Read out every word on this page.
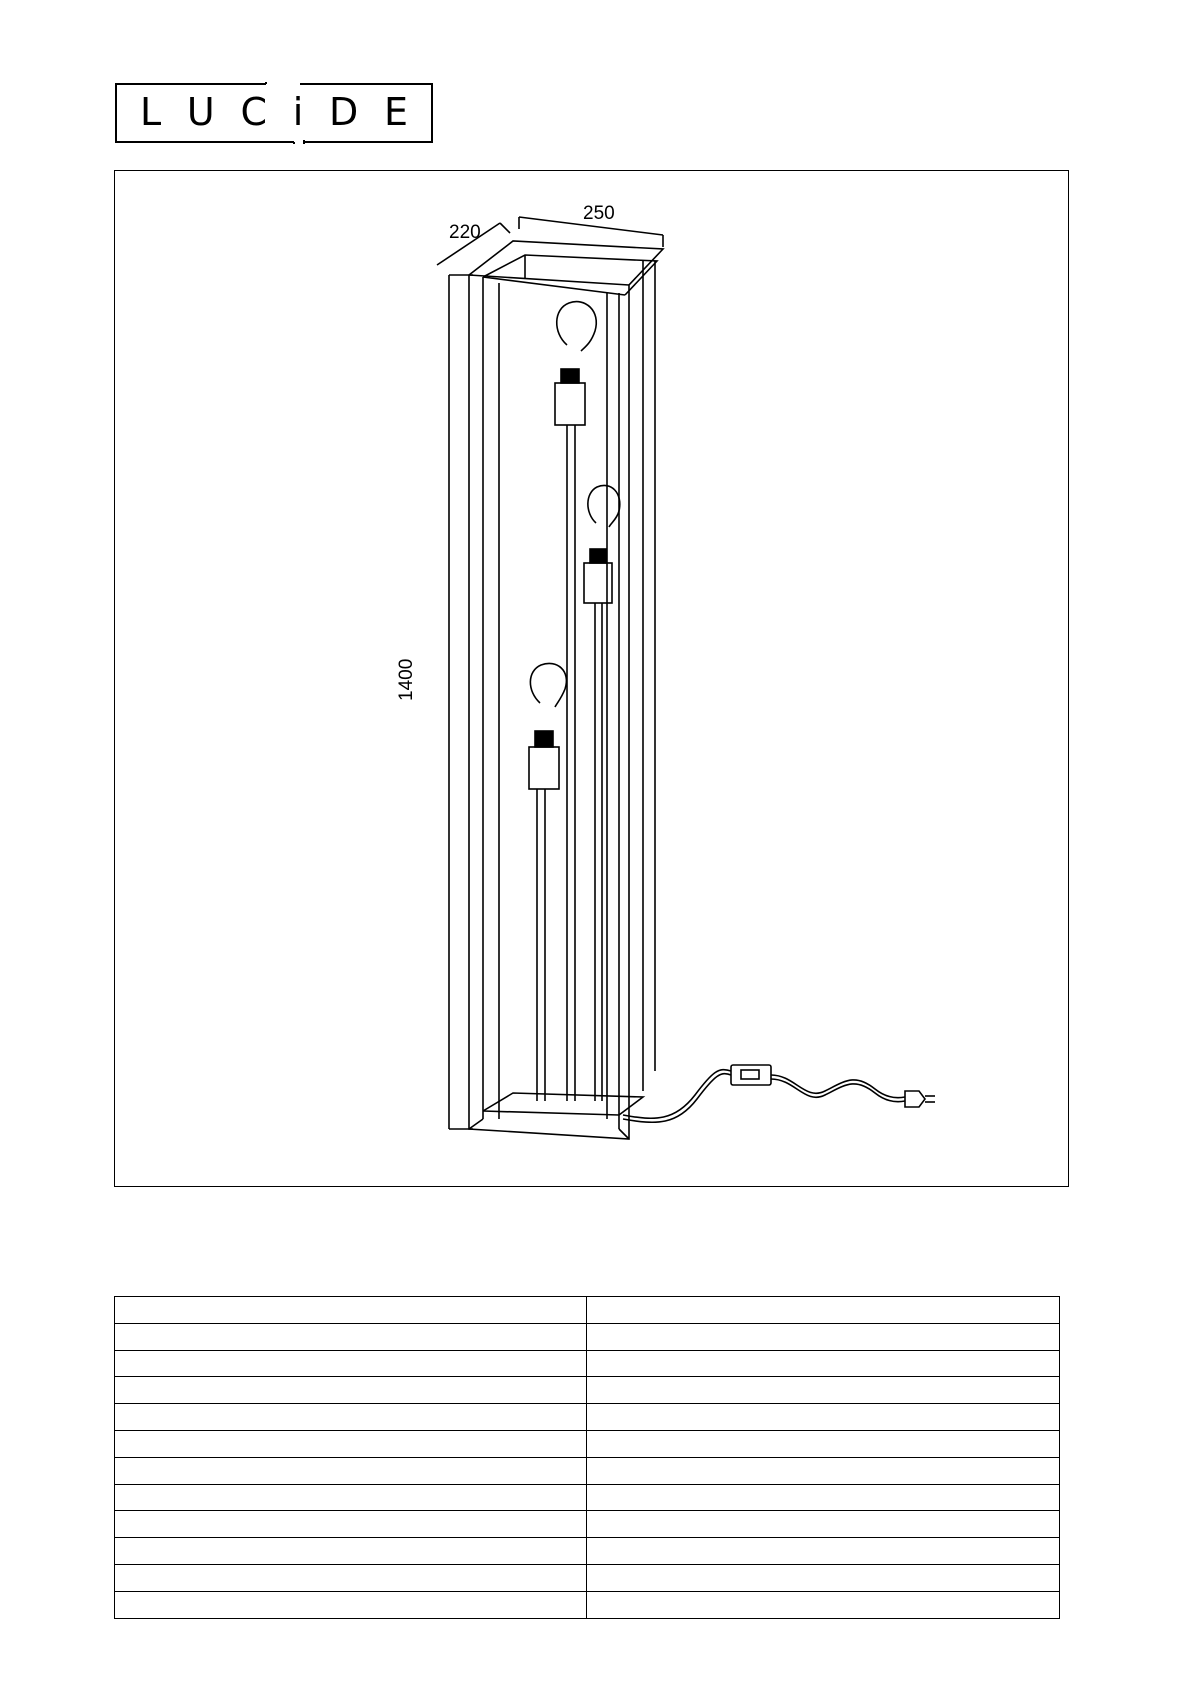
L U C i D E
250
220
1400
